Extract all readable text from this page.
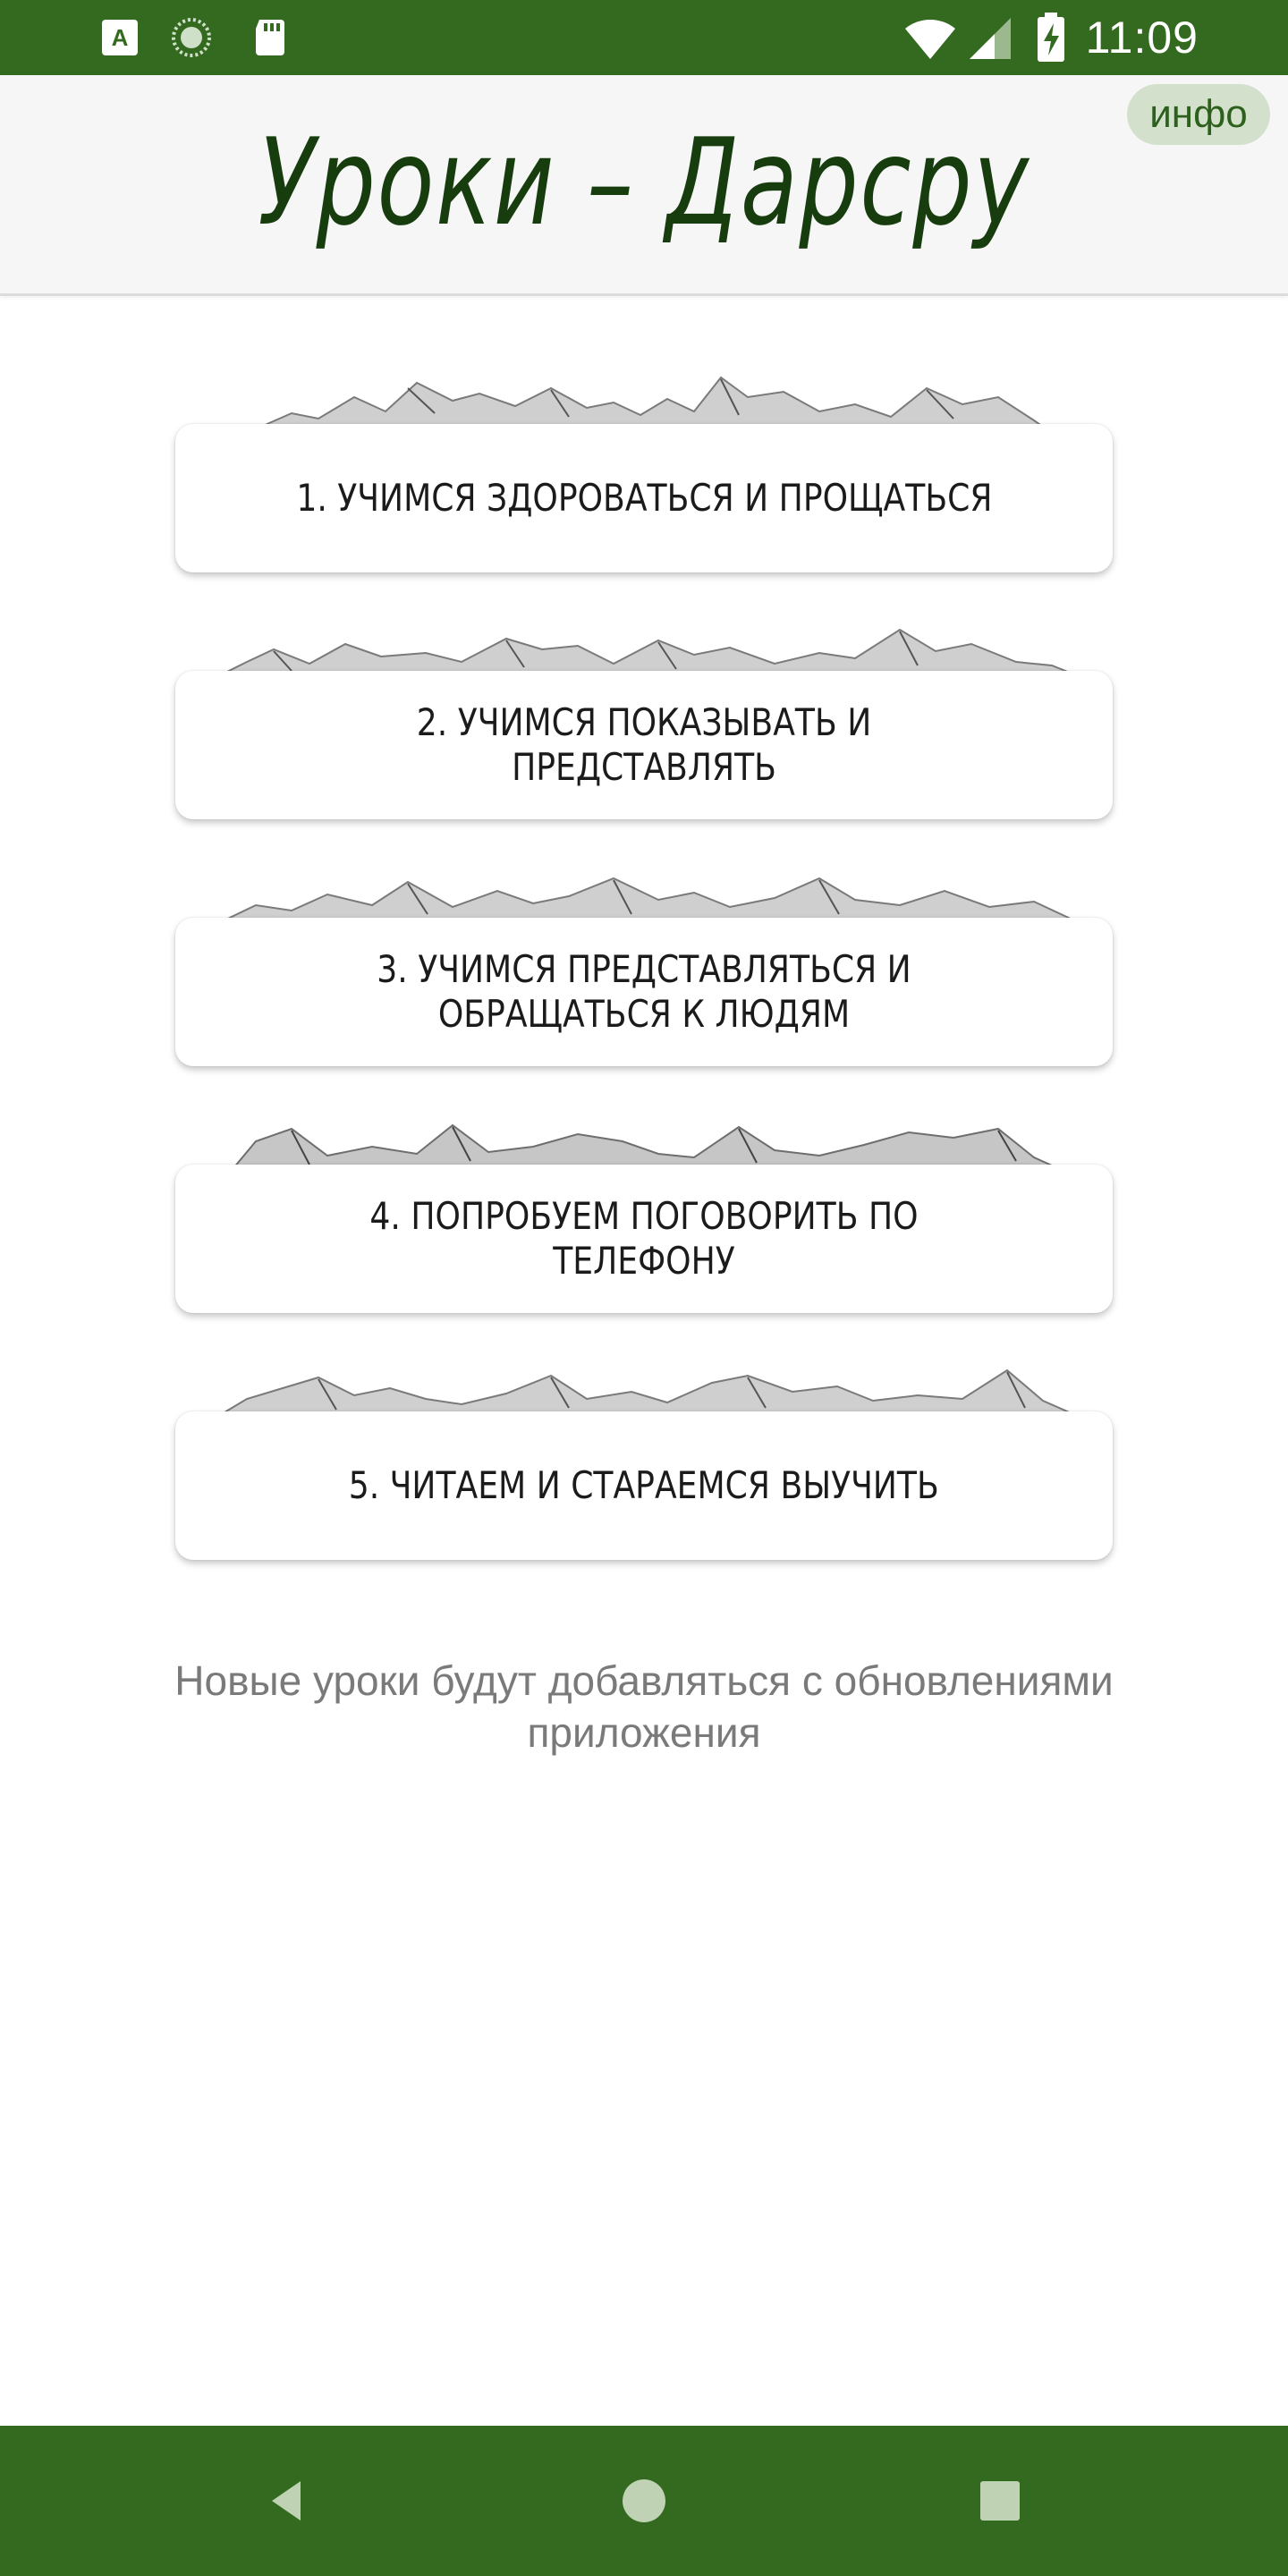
A	11:09
Уроки – Дарсру	инфо
1. УЧИМСЯ ЗДОРОВАТЬСЯ И ПРОЩАТЬСЯ
2. УЧИМСЯ ПОКАЗЫВАТЬ И ПРЕДСТАВЛЯТЬ
3. УЧИМСЯ ПРЕДСТАВЛЯТЬСЯ И ОБРАЩАТЬСЯ К ЛЮДЯМ
4. ПОПРОБУЕМ ПОГОВОРИТЬ ПО ТЕЛЕФОНУ
5. ЧИТАЕМ И СТАРАЕМСЯ ВЫУЧИТЬ
Новые уроки будут добавляться с обновлениями приложения
